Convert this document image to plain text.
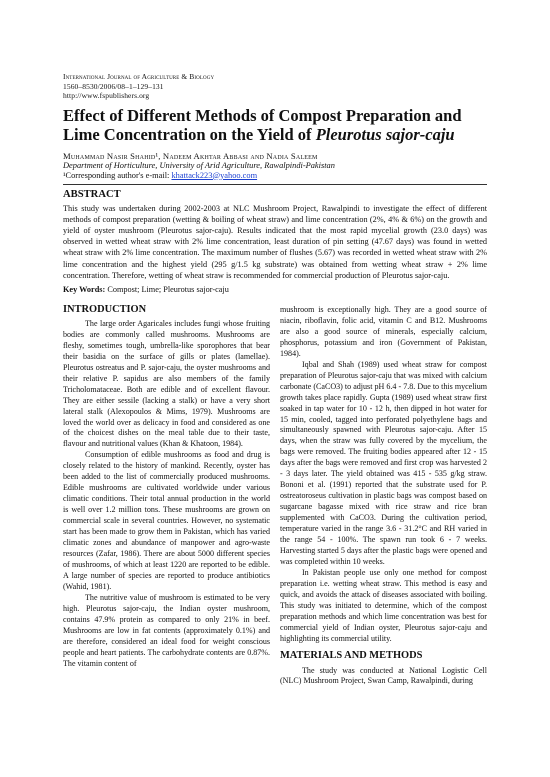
International Journal of Agriculture & Biology
1560–8530/2006/08–1–129–131
http://www.fspublishers.org
Effect of Different Methods of Compost Preparation and Lime Concentration on the Yield of Pleurotus sajor-caju
Muhammad Nasir Shahid¹, Nadeem Akhtar Abbasi and Nadia Saleem
Department of Horticulture, University of Arid Agriculture, Rawalpindi-Pakistan
¹Corresponding author's e-mail: khattack223@yahoo.com
ABSTRACT
This study was undertaken during 2002-2003 at NLC Mushroom Project, Rawalpindi to investigate the effect of different methods of compost preparation (wetting & boiling of wheat straw) and lime concentration (2%, 4% & 6%) on the growth and yield of oyster mushroom (Pleurotus sajor-caju). Results indicated that the most rapid mycelial growth (23.0 days) was observed in wetted wheat straw with 2% lime concentration, least duration of pin setting (47.67 days) was found in wetted wheat straw with 2% lime concentration. The maximum number of flushes (5.67) was recorded in wetted wheat straw with 2% lime concentration and the highest yield (295 g/1.5 kg substrate) was obtained from wetting wheat straw + 2% lime concentration. Therefore, wetting of wheat straw is recommended for commercial production of Pleurotus sajor-caju.
Key Words: Compost; Lime; Pleurotus sajor-caju
INTRODUCTION

The large order Agaricales includes fungi whose fruiting bodies are commonly called mushrooms. Mushrooms are fleshy, sometimes tough, umbrella-like sporophores that bear their basidia on the surface of gills or plates (lamellae). Pleurotus ostreatus and P. sajor-caju, the oyster mushrooms and their relative P. sapidus are also members of the family Tricholomataceae. Both are edible and of excellent flavour. They are either sessile (lacking a stalk) or have a very short lateral stalk (Alexopoulos & Mims, 1979). Mushrooms are loved the world over as delicacy in food and considered as one of the choicest dishes on the meal table due to their taste, flavour and nutritional values (Khan & Khatoon, 1984).

Consumption of edible mushrooms as food and drug is closely related to the history of mankind. Recently, oyster has been added to the list of commercially produced mushrooms. Edible mushrooms are cultivated worldwide under various climatic conditions. Their total annual production in the world is well over 1.2 million tons. These mushrooms are grown on commercial scale in several countries. However, no systematic start has been made to grow them in Pakistan, which has varied climatic zones and abundance of manpower and agro-waste resources (Zafar, 1986). There are about 5000 different species of mushrooms, of which at least 1220 are reported to be edible. A large number of species are reported to produce antibiotics (Wahid, 1981).

The nutritive value of mushroom is estimated to be very high. Pleurotus sajor-caju, the Indian oyster mushroom, contains 47.9% protein as compared to only 21% in beef. Mushrooms are low in fat contents (approximately 0.1%) and are therefore, considered an ideal food for weight conscious people and heart patients. The carbohydrate contents are 0.87%. The vitamin content of

mushroom is exceptionally high. They are a good source of niacin, riboflavin, folic acid, vitamin C and B12. Mushrooms are also a good source of minerals, especially calcium, phosphorus, potassium and iron (Government of Pakistan, 1984).

Iqbal and Shah (1989) used wheat straw for compost preparation of Pleurotus sajor-caju that was mixed with calcium carbonate (CaCO3) to adjust pH 6.4 - 7.8. Due to this mycelium growth takes place rapidly. Gupta (1989) used wheat straw first soaked in tap water for 10 - 12 h, then dipped in hot water for 15 min, cooled, tagged into perforated polyethylene bags and simultaneously spawned with Pleurotus sajor-caju. After 15 days, when the straw was fully covered by the mycelium, the bags were removed. The fruiting bodies appeared after 12 - 15 days after the bags were removed and first crop was harvested 2 - 3 days later. The yield obtained was 415 - 535 g/kg straw. Bononi et al. (1991) reported that the substrate used for P. ostreatoroseus cultivation in plastic bags was compost based on sugarcane bagasse mixed with rice straw and rice bran supplemented with CaCO3. During the cultivation period, temperature varied in the range 3.6 - 31.2°C and RH varied in the range 54 - 100%. The spawn run took 6 - 7 weeks. Harvesting started 5 days after the plastic bags were opened and was completed within 10 weeks.

In Pakistan people use only one method for compost preparation i.e. wetting wheat straw. This method is easy and quick, and avoids the attack of diseases associated with boiling. This study was initiated to determine, which of the compost preparation methods and which lime concentration was best for commercial yield of Indian oyster, Pleurotus sajor-caju and highlighting its commercial utility.

MATERIALS AND METHODS

The study was conducted at National Logistic Cell (NLC) Mushroom Project, Swan Camp, Rawalpindi, during
